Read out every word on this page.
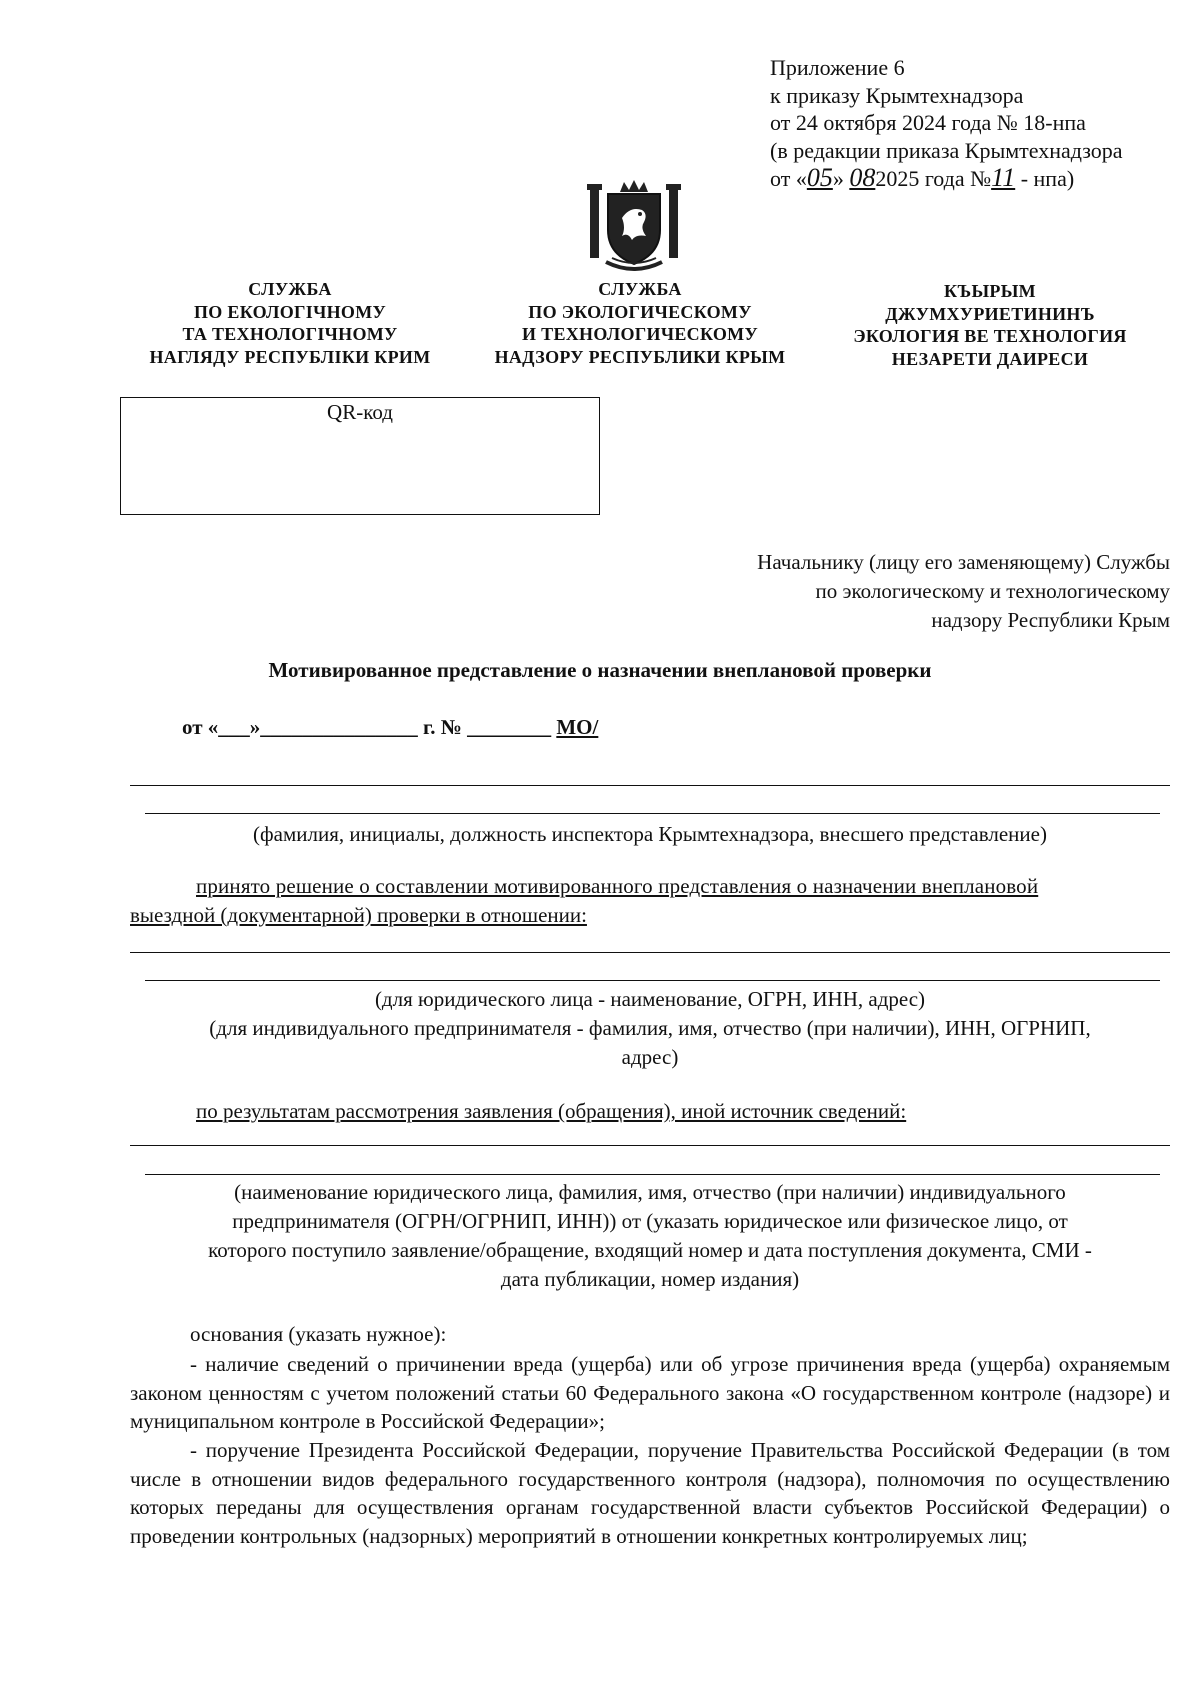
Приложение 6
к приказу Крымтехнадзора
от 24 октября 2024 года № 18-нпа
(в редакции приказа Крымтехнадзора
от «05» 082025 года №11 - нпа)
СЛУЖБА
ПО ЕКОЛОГІЧНОМУ
ТА ТЕХНОЛОГІЧНОМУ
НАГЛЯДУ РЕСПУБЛІКИ КРИМ
СЛУЖБА
ПО ЭКОЛОГИЧЕСКОМУ
И ТЕХНОЛОГИЧЕСКОМУ
НАДЗОРУ РЕСПУБЛИКИ КРЫМ
КЪЫРЫМ
ДЖУМХУРИЕТИНИНЪ
ЭКОЛОГИЯ ВЕ ТЕХНОЛОГИЯ
НЕЗАРЕТИ ДАИРЕСИ
QR-код
Начальнику (лицу его заменяющему) Службы
по экологическому и технологическому
надзору Республики Крым
Мотивированное представление о назначении внеплановой проверки
от «___»_______________ г. № ________ МО/
(фамилия, инициалы, должность инспектора Крымтехнадзора, внесшего представление)
принято решение о составлении мотивированного представления о назначении внеплановой
выездной (документарной) проверки в отношении:
(для юридического лица - наименование, ОГРН, ИНН, адрес)
(для индивидуального предпринимателя - фамилия, имя, отчество (при наличии), ИНН, ОГРНИП,
адрес)
по результатам рассмотрения заявления (обращения), иной источник сведений:
(наименование юридического лица, фамилия, имя, отчество (при наличии) индивидуального
предпринимателя (ОГРН/ОГРНИП, ИНН)) от (указать юридическое или физическое лицо, от
которого поступило заявление/обращение, входящий номер и дата поступления документа, СМИ -
дата публикации, номер издания)
основания (указать нужное):
- наличие сведений о причинении вреда (ущерба) или об угрозе причинения вреда (ущерба) охраняемым законом ценностям с учетом положений статьи 60 Федерального закона «О государственном контроле (надзоре) и муниципальном контроле в Российской Федерации»;
- поручение Президента Российской Федерации, поручение Правительства Российской Федерации (в том числе в отношении видов федерального государственного контроля (надзора), полномочия по осуществлению которых переданы для осуществления органам государственной власти субъектов Российской Федерации) о проведении контрольных (надзорных) мероприятий в отношении конкретных контролируемых лиц;
